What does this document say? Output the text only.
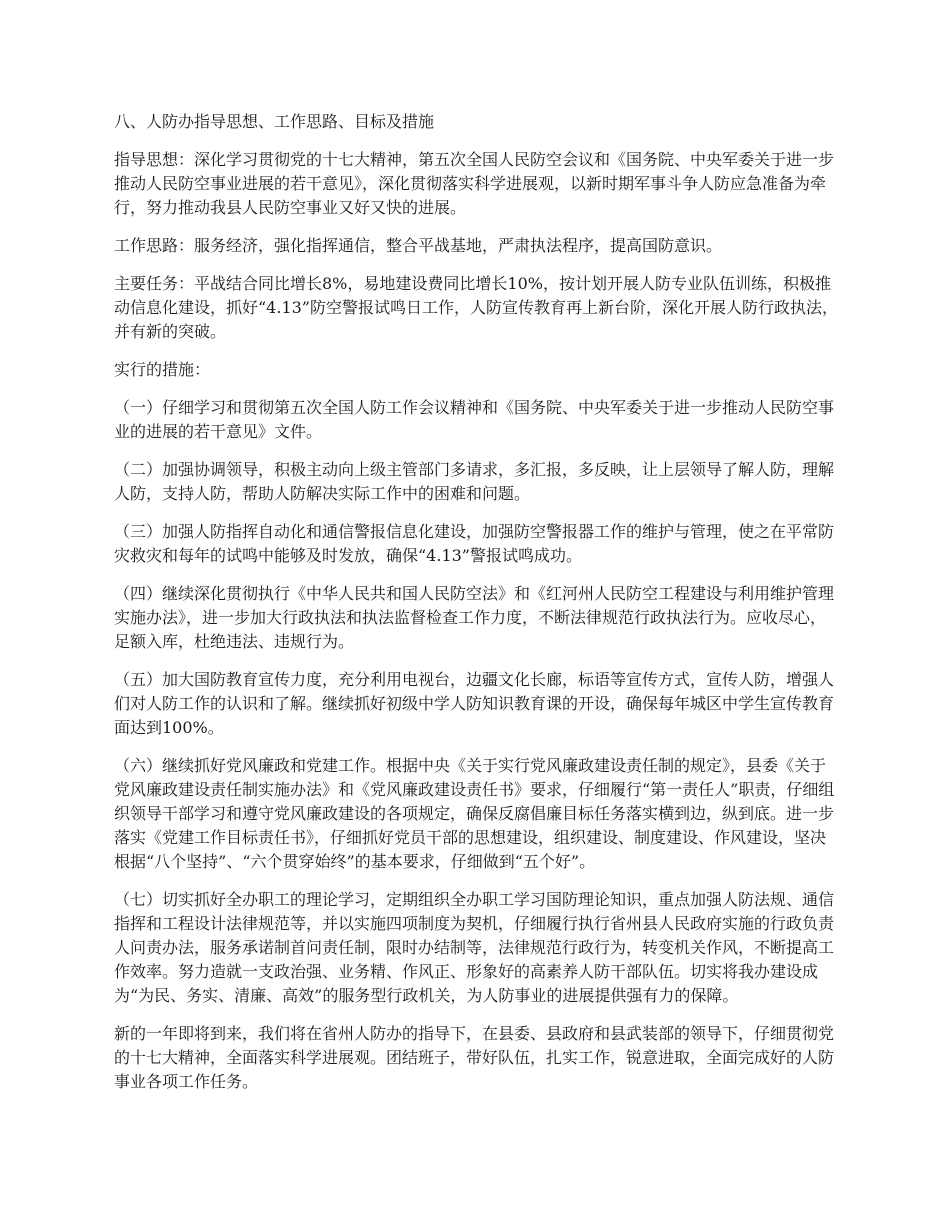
八、人防办指导思想、工作思路、目标及措施

指导思想：深化学习贯彻党的十七大精神，第五次全国人民防空会议和《国务院、中央军委关于进一步推动人民防空事业进展的若干意见》，深化贯彻落实科学进展观，以新时期军事斗争人防应急准备为牵行，努力推动我县人民防空事业又好又快的进展。

工作思路：服务经济，强化指挥通信，整合平战基地，严肃执法程序，提高国防意识。

主要任务：平战结合同比增长8%，易地建设费同比增长10%，按计划开展人防专业队伍训练，积极推动信息化建设，抓好“4.13”防空警报试鸣日工作，人防宣传教育再上新台阶，深化开展人防行政执法，并有新的突破。

实行的措施：

（一）仔细学习和贯彻第五次全国人防工作会议精神和《国务院、中央军委关于进一步推动人民防空事业的进展的若干意见》文件。

（二）加强协调领导，积极主动向上级主管部门多请求，多汇报，多反映，让上层领导了解人防，理解人防，支持人防，帮助人防解决实际工作中的困难和问题。

（三）加强人防指挥自动化和通信警报信息化建设，加强防空警报器工作的维护与管理，使之在平常防灾救灾和每年的试鸣中能够及时发放，确保“4.13”警报试鸣成功。

（四）继续深化贯彻执行《中华人民共和国人民防空法》和《红河州人民防空工程建设与利用维护管理实施办法》，进一步加大行政执法和执法监督检查工作力度，不断法律规范行政执法行为。应收尽心，足额入库，杜绝违法、违规行为。

（五）加大国防教育宣传力度，充分利用电视台，边疆文化长廊，标语等宣传方式，宣传人防，增强人们对人防工作的认识和了解。继续抓好初级中学人防知识教育课的开设，确保每年城区中学生宣传教育面达到100%。

（六）继续抓好党风廉政和党建工作。根据中央《关于实行党风廉政建设责任制的规定》，县委《关于党风廉政建设责任制实施办法》和《党风廉政建设责任书》要求，仔细履行“第一责任人”职责，仔细组织领导干部学习和遵守党风廉政建设的各项规定，确保反腐倡廉目标任务落实横到边，纵到底。进一步落实《党建工作目标责任书》，仔细抓好党员干部的思想建设，组织建设、制度建设、作风建设，坚决根据“八个坚持”、“六个贯穿始终”的基本要求，仔细做到“五个好”。

（七）切实抓好全办职工的理论学习，定期组织全办职工学习国防理论知识，重点加强人防法规、通信指挥和工程设计法律规范等，并以实施四项制度为契机，仔细履行执行省州县人民政府实施的行政负责人问责办法，服务承诺制首问责任制，限时办结制等，法律规范行政行为，转变机关作风，不断提高工作效率。努力造就一支政治强、业务精、作风正、形象好的高素养人防干部队伍。切实将我办建设成为“为民、务实、清廉、高效”的服务型行政机关，为人防事业的进展提供强有力的保障。

新的一年即将到来，我们将在省州人防办的指导下，在县委、县政府和县武装部的领导下，仔细贯彻党的十七大精神，全面落实科学进展观。团结班子，带好队伍，扎实工作，锐意进取，全面完成好的人防事业各项工作任务。
